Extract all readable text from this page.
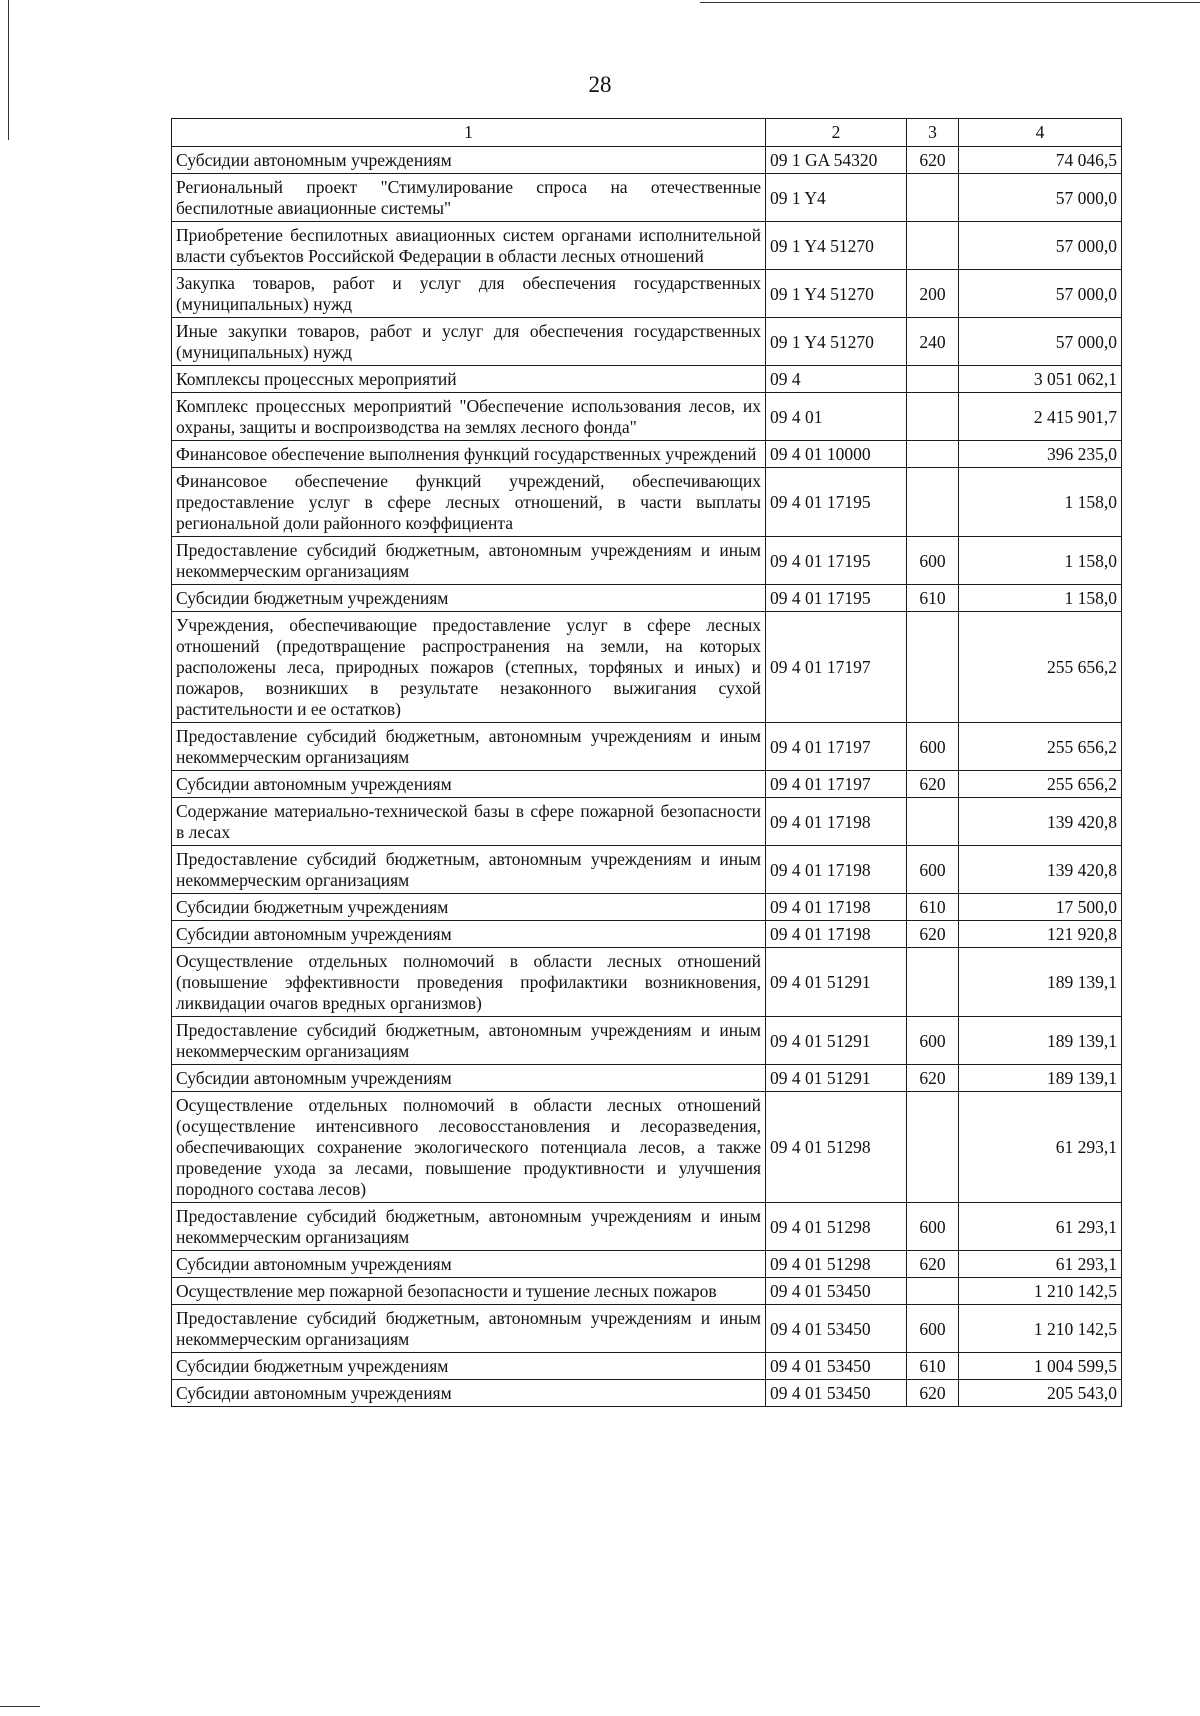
28
1	2	3	4
Субсидии автономным учреждениям	09 1 GA 54320	620	74 046,5
Региональный проект "Стимулирование спроса на отечественные беспилотные авиационные системы"	09 1 Y4		57 000,0
Приобретение беспилотных авиационных систем органами исполнительной власти субъектов Российской Федерации в области лесных отношений	09 1 Y4 51270		57 000,0
Закупка товаров, работ и услуг для обеспечения государственных (муниципальных) нужд	09 1 Y4 51270	200	57 000,0
Иные закупки товаров, работ и услуг для обеспечения государственных (муниципальных) нужд	09 1 Y4 51270	240	57 000,0
Комплексы процессных мероприятий	09 4		3 051 062,1
Комплекс процессных мероприятий "Обеспечение использования лесов, их охраны, защиты и воспроизводства на землях лесного фонда"	09 4 01		2 415 901,7
Финансовое обеспечение выполнения функций государственных учреждений	09 4 01 10000		396 235,0
Финансовое обеспечение функций учреждений, обеспечивающих предоставление услуг в сфере лесных отношений, в части выплаты региональной доли районного коэффициента	09 4 01 17195		1 158,0
Предоставление субсидий бюджетным, автономным учреждениям и иным некоммерческим организациям	09 4 01 17195	600	1 158,0
Субсидии бюджетным учреждениям	09 4 01 17195	610	1 158,0
Учреждения, обеспечивающие предоставление услуг в сфере лесных отношений (предотвращение распространения на земли, на которых расположены леса, природных пожаров (степных, торфяных и иных) и пожаров, возникших в результате незаконного выжигания сухой растительности и ее остатков)	09 4 01 17197		255 656,2
Предоставление субсидий бюджетным, автономным учреждениям и иным некоммерческим организациям	09 4 01 17197	600	255 656,2
Субсидии автономным учреждениям	09 4 01 17197	620	255 656,2
Содержание материально-технической базы в сфере пожарной безопасности в лесах	09 4 01 17198		139 420,8
Предоставление субсидий бюджетным, автономным учреждениям и иным некоммерческим организациям	09 4 01 17198	600	139 420,8
Субсидии бюджетным учреждениям	09 4 01 17198	610	17 500,0
Субсидии автономным учреждениям	09 4 01 17198	620	121 920,8
Осуществление отдельных полномочий в области лесных отношений (повышение эффективности проведения профилактики возникновения, ликвидации очагов вредных организмов)	09 4 01 51291		189 139,1
Предоставление субсидий бюджетным, автономным учреждениям и иным некоммерческим организациям	09 4 01 51291	600	189 139,1
Субсидии автономным учреждениям	09 4 01 51291	620	189 139,1
Осуществление отдельных полномочий в области лесных отношений (осуществление интенсивного лесовосстановления и лесоразведения, обеспечивающих сохранение экологического потенциала лесов, а также проведение ухода за лесами, повышение продуктивности и улучшения породного состава лесов)	09 4 01 51298		61 293,1
Предоставление субсидий бюджетным, автономным учреждениям и иным некоммерческим организациям	09 4 01 51298	600	61 293,1
Субсидии автономным учреждениям	09 4 01 51298	620	61 293,1
Осуществление мер пожарной безопасности и тушение лесных пожаров	09 4 01 53450		1 210 142,5
Предоставление субсидий бюджетным, автономным учреждениям и иным некоммерческим организациям	09 4 01 53450	600	1 210 142,5
Субсидии бюджетным учреждениям	09 4 01 53450	610	1 004 599,5
Субсидии автономным учреждениям	09 4 01 53450	620	205 543,0
